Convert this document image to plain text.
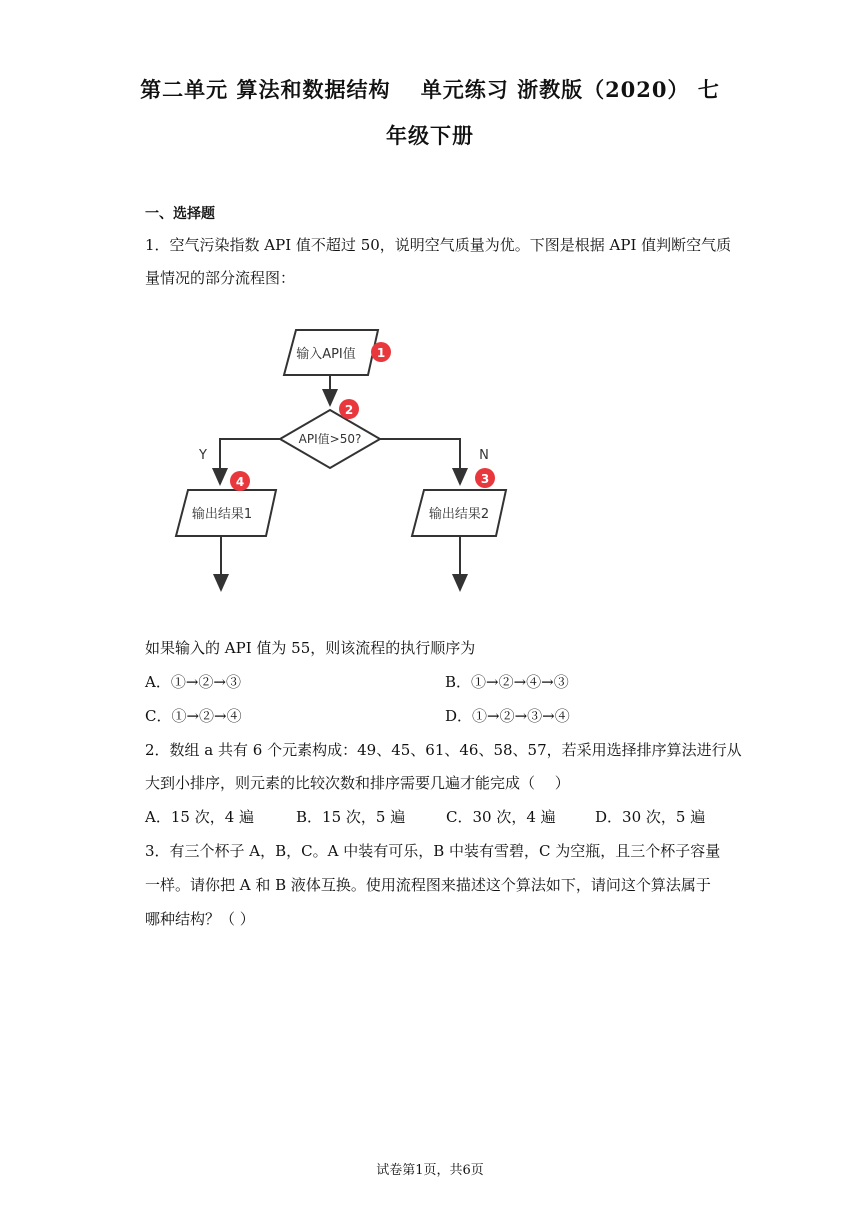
第二单元 算法和数据结构　 单元练习 浙教版（2020） 七
年级下册
一、选择题
1．空气污染指数 API 值不超过 50，说明空气质量为优。下图是根据 API 值判断空气质
量情况的部分流程图：
输入API值 1
API值>50?
2
Y	N
输出结果1
4
输出结果2
3
如果输入的 API 值为 55，则该流程的执行顺序为
A．①→②→③	B．①→②→④→③
C．①→②→④	D．①→②→③→④
2．数组 a 共有 6 个元素构成：49、45、61、46、58、57，若采用选择排序算法进行从
大到小排序，则元素的比较次数和排序需要几遍才能完成（　 ）
A．15 次，4 遍	B．15 次，5 遍	C．30 次，4 遍	D．30 次，5 遍
3．有三个杯子 A，B，C。A 中装有可乐，B 中装有雪碧，C 为空瓶，且三个杯子容量
一样。请你把 A 和 B 液体互换。使用流程图来描述这个算法如下，请问这个算法属于
哪种结构？（ ）
试卷第1页，共6页
